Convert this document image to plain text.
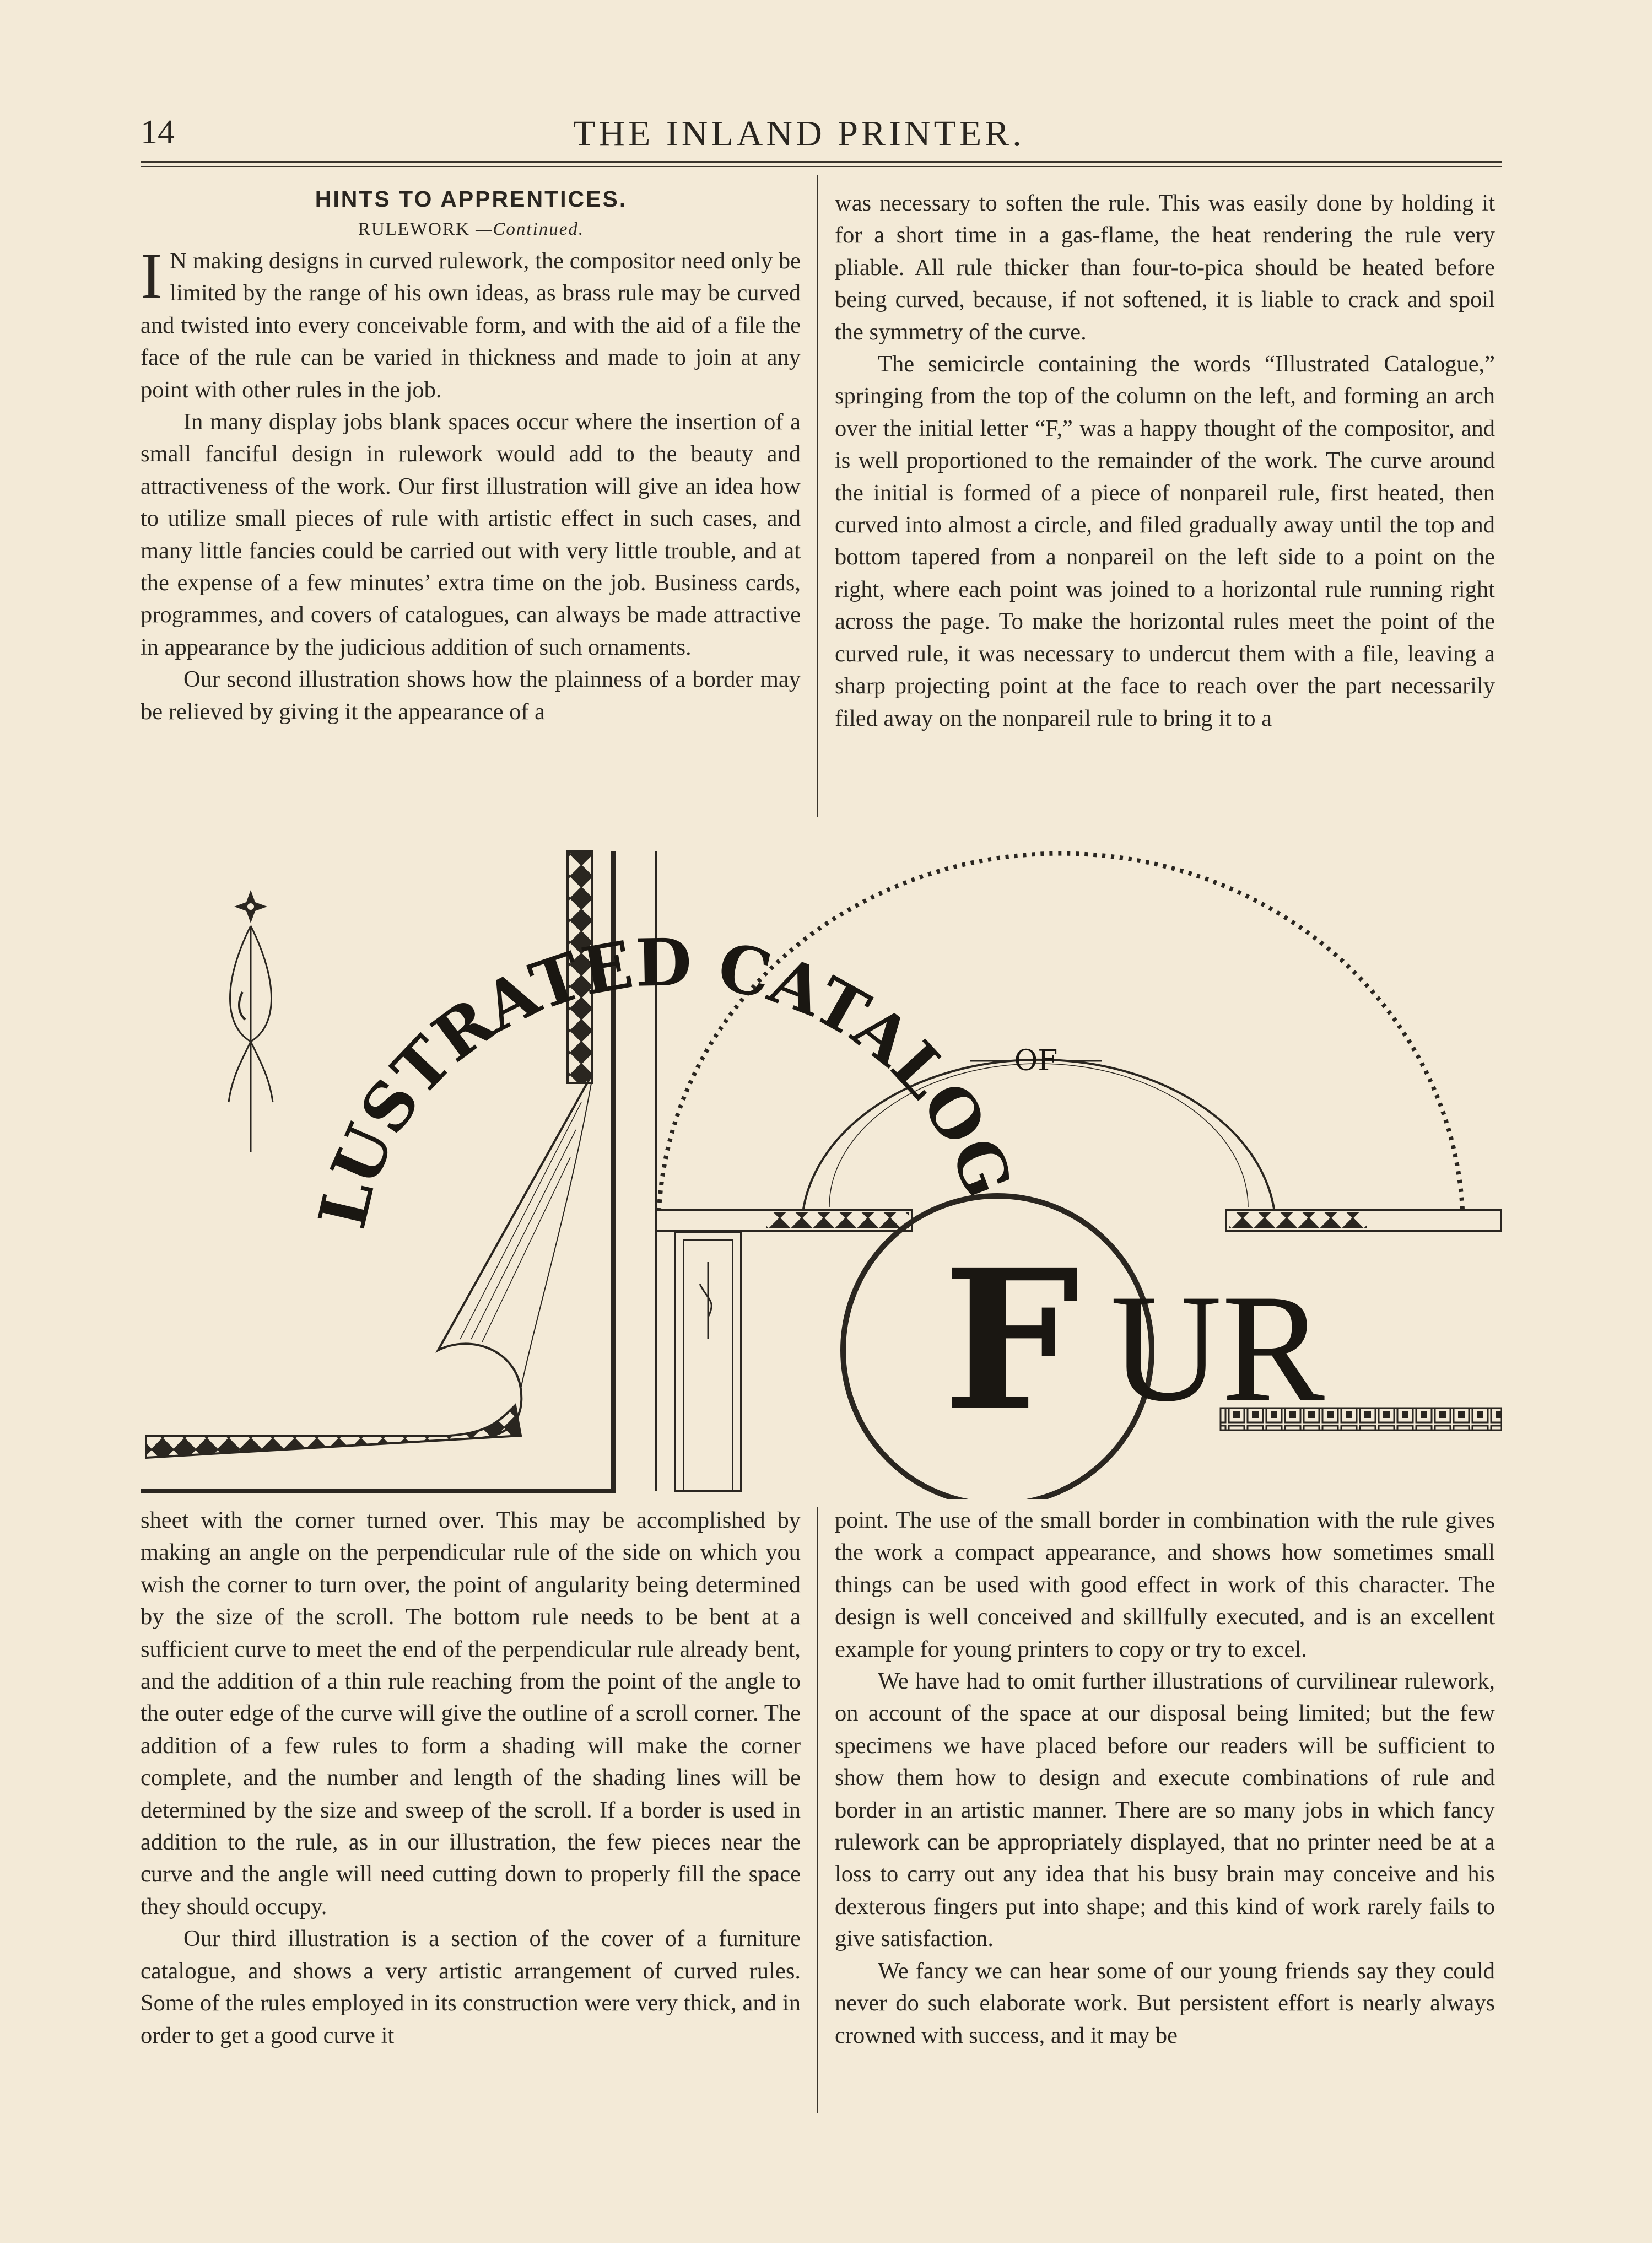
14	THE INLAND PRINTER.
HINTS TO APPRENTICES.
RULEWORK —Continued.

I N making designs in curved rulework, the compositor need only be limited by the range of his own ideas, as brass rule may be curved and twisted into every conceivable form, and with the aid of a file the face of the rule can be varied in thickness and made to join at any point with other rules in the job.

In many display jobs blank spaces occur where the insertion of a small fanciful design in rulework would add to the beauty and attractiveness of the work. Our first illustration will give an idea how to utilize small pieces of rule with artistic effect in such cases, and many little fancies could be carried out with very little trouble, and at the expense of a few minutes’ extra time on the job. Business cards, programmes, and covers of catalogues, can always be made attractive in appearance by the judicious addition of such ornaments.

Our second illustration shows how the plainness of a border may be relieved by giving it the appearance of a

was necessary to soften the rule. This was easily done by holding it for a short time in a gas-flame, the heat rendering the rule very pliable. All rule thicker than four-to-pica should be heated before being curved, because, if not softened, it is liable to crack and spoil the symmetry of the curve.

The semicircle containing the words “Illustrated Catalogue,” springing from the top of the column on the left, and forming an arch over the initial letter “F,” was a happy thought of the compositor, and is well proportioned to the remainder of the work. The curve around the initial is formed of a piece of nonpareil rule, first heated, then curved into almost a circle, and filed gradually away until the top and bottom tapered from a nonpareil on the left side to a point on the right, where each point was joined to a horizontal rule running right across the page. To make the horizontal rules meet the point of the curved rule, it was necessary to undercut them with a file, leaving a sharp projecting point at the face to reach over the part necessarily filed away on the nonpareil rule to bring it to a

LUSTRATED CATALOG
OF
F UR

sheet with the corner turned over. This may be accomplished by making an angle on the perpendicular rule of the side on which you wish the corner to turn over, the point of angularity being determined by the size of the scroll. The bottom rule needs to be bent at a sufficient curve to meet the end of the perpendicular rule already bent, and the addition of a thin rule reaching from the point of the angle to the outer edge of the curve will give the outline of a scroll corner. The addition of a few rules to form a shading will make the corner complete, and the number and length of the shading lines will be determined by the size and sweep of the scroll. If a border is used in addition to the rule, as in our illustration, the few pieces near the curve and the angle will need cutting down to properly fill the space they should occupy.

Our third illustration is a section of the cover of a furniture catalogue, and shows a very artistic arrangement of curved rules. Some of the rules employed in its construction were very thick, and in order to get a good curve it

point. The use of the small border in combination with the rule gives the work a compact appearance, and shows how sometimes small things can be used with good effect in work of this character. The design is well conceived and skillfully executed, and is an excellent example for young printers to copy or try to excel.

We have had to omit further illustrations of curvilinear rulework, on account of the space at our disposal being limited; but the few specimens we have placed before our readers will be sufficient to show them how to design and execute combinations of rule and border in an artistic manner. There are so many jobs in which fancy rulework can be appropriately displayed, that no printer need be at a loss to carry out any idea that his busy brain may conceive and his dexterous fingers put into shape; and this kind of work rarely fails to give satisfaction.

We fancy we can hear some of our young friends say they could never do such elaborate work. But persistent effort is nearly always crowned with success, and it may be
